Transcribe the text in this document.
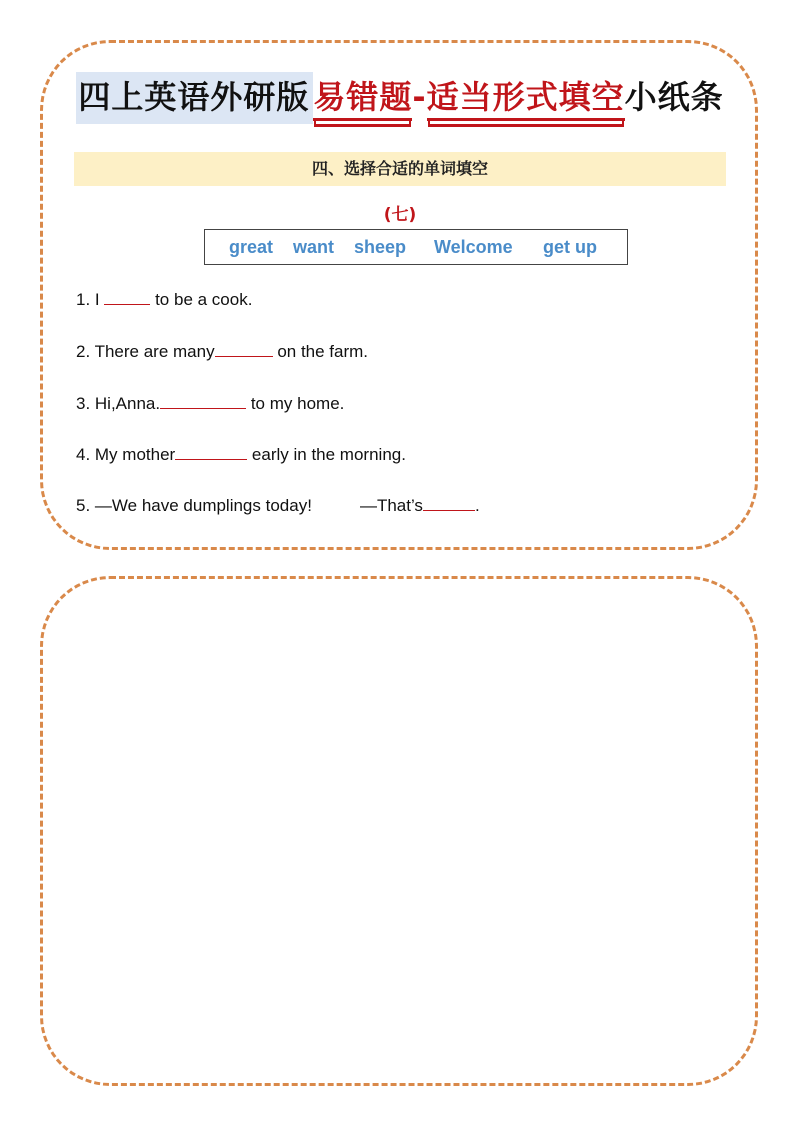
四上英语外研版 易错题-适当形式填空小纸条
四、选择合适的单词填空
(七)
great want sheep Welcome get up
1. I	to be a cook.
2. There are many	on the farm.
3. Hi,Anna.	to my home.
4. My mother	early in the morning.
5. —We have dumplings today!	—That’s	.
